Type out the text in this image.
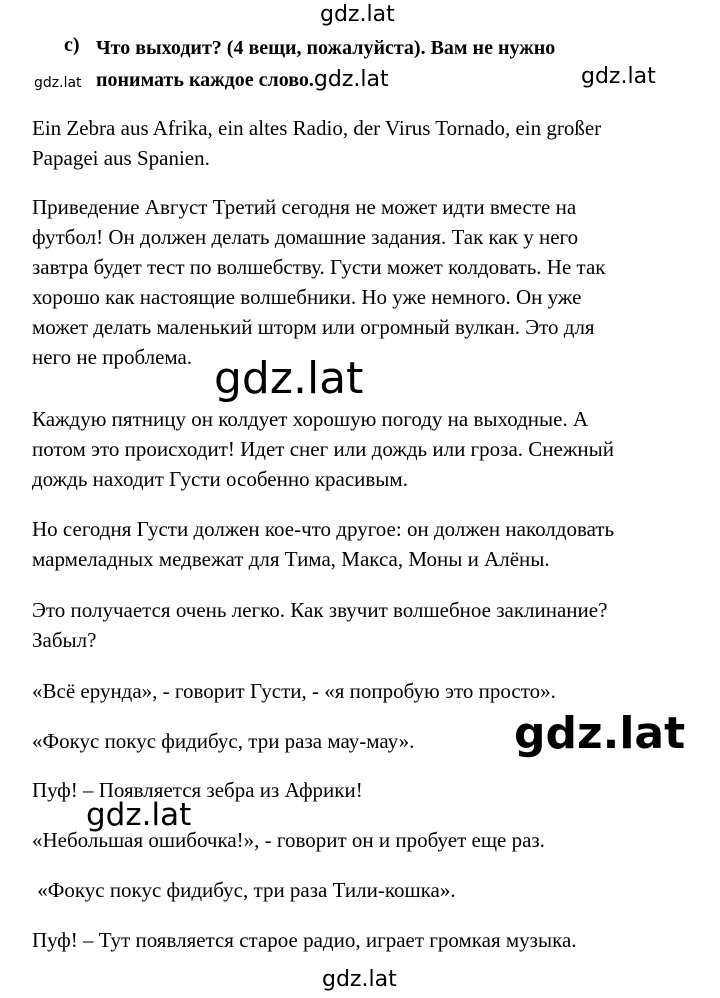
gdz.lat
gdz.lat
c) Что выходит? (4 вещи, пожалуйста). Вам не нужно
понимать каждое слово.gdz.lat	gdz.lat
Ein Zebra aus Afrika, ein altes Radio, der Virus Tornado, ein großer
Papagei aus Spanien.
Приведение Август Третий сегодня не может идти вместе на
футбол! Он должен делать домашние задания. Так как у него
завтра будет тест по волшебству. Густи может колдовать. Не так
хорошо как настоящие волшебники. Но уже немного. Он уже
может делать маленький шторм или огромный вулкан. Это для
него не проблема. gdz.lat
Каждую пятницу он колдует хорошую погоду на выходные. А
потом это происходит! Идет снег или дождь или гроза. Снежный
дождь находит Густи особенно красивым.
Но сегодня Густи должен кое-что другое: он должен наколдовать
мармеладных медвежат для Тима, Макса, Моны и Алёны.
Это получается очень легко. Как звучит волшебное заклинание?
Забыл?
«Всё ерунда», - говорит Густи, - «я попробую это просто».
«Фокус покус фидибус, три раза мау-мау».	gdz.lat
Пуф! – Появляется зебра из Африки!
gdz.lat
«Небольшая ошибочка!», - говорит он и пробует еще раз.
«Фокус покус фидибус, три раза Тили-кошка».
Пуф! – Тут появляется старое радио, играет громкая музыка.
gdz.lat
